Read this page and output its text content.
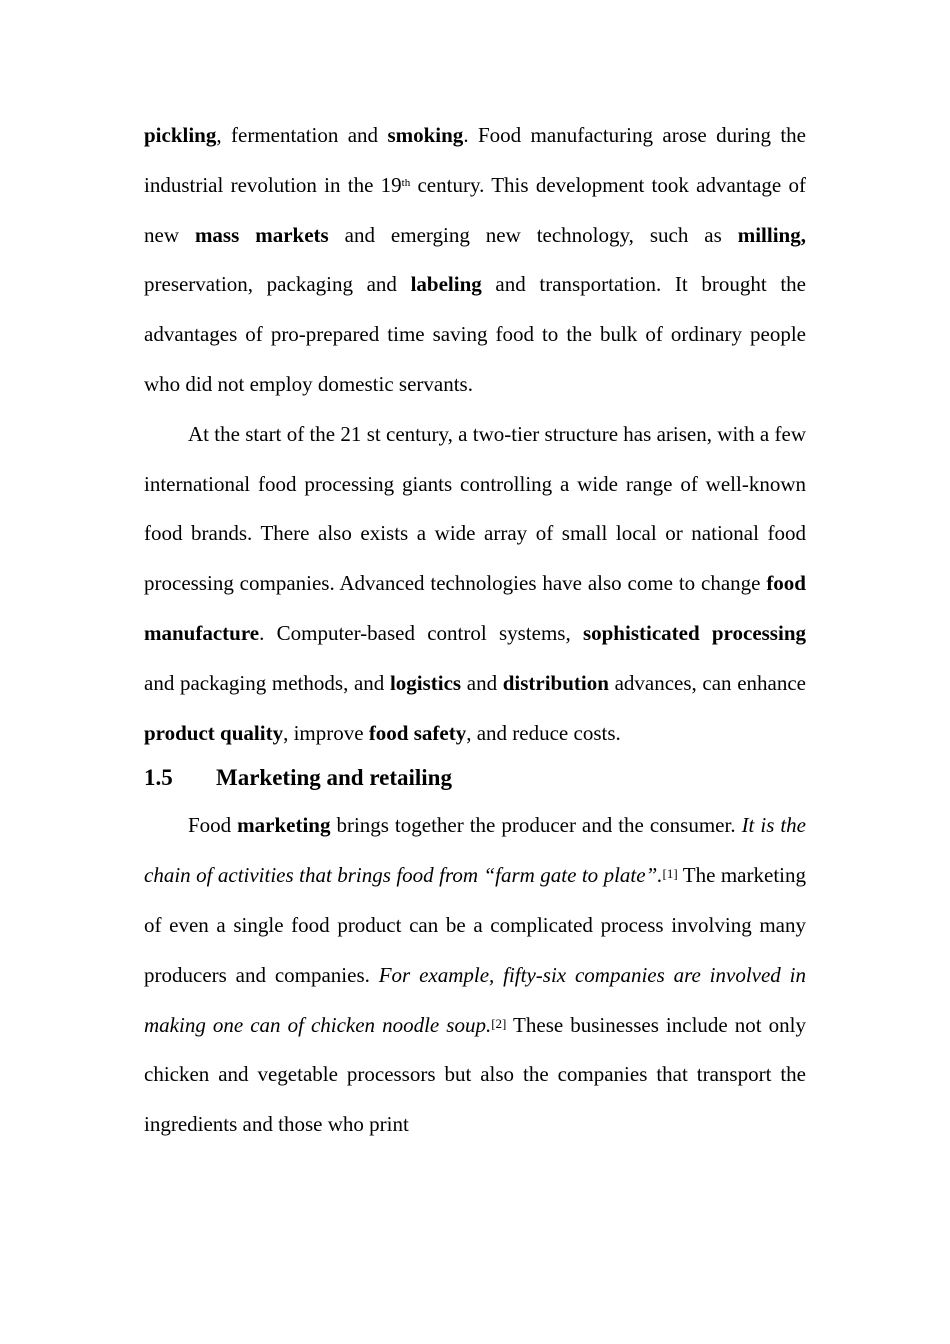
pickling, fermentation and smoking. Food manufacturing arose during the industrial revolution in the 19th century. This development took advantage of new mass markets and emerging new technology, such as milling, preservation, packaging and labeling and transportation. It brought the advantages of pro-prepared time saving food to the bulk of ordinary people who did not employ domestic servants.

At the start of the 21 st century, a two-tier structure has arisen, with a few international food processing giants controlling a wide range of well-known food brands. There also exists a wide array of small local or national food processing companies. Advanced technologies have also come to change food manufacture. Computer-based control systems, sophisticated processing and packaging methods, and logistics and distribution advances, can enhance product quality, improve food safety, and reduce costs.

1.5 Marketing and retailing

Food marketing brings together the producer and the consumer. It is the chain of activities that brings food from “farm gate to plate”.[1] The marketing of even a single food product can be a complicated process involving many producers and companies. For example, fifty-six companies are involved in making one can of chicken noodle soup.[2] These businesses include not only chicken and vegetable processors but also the companies that transport the ingredients and those who print
